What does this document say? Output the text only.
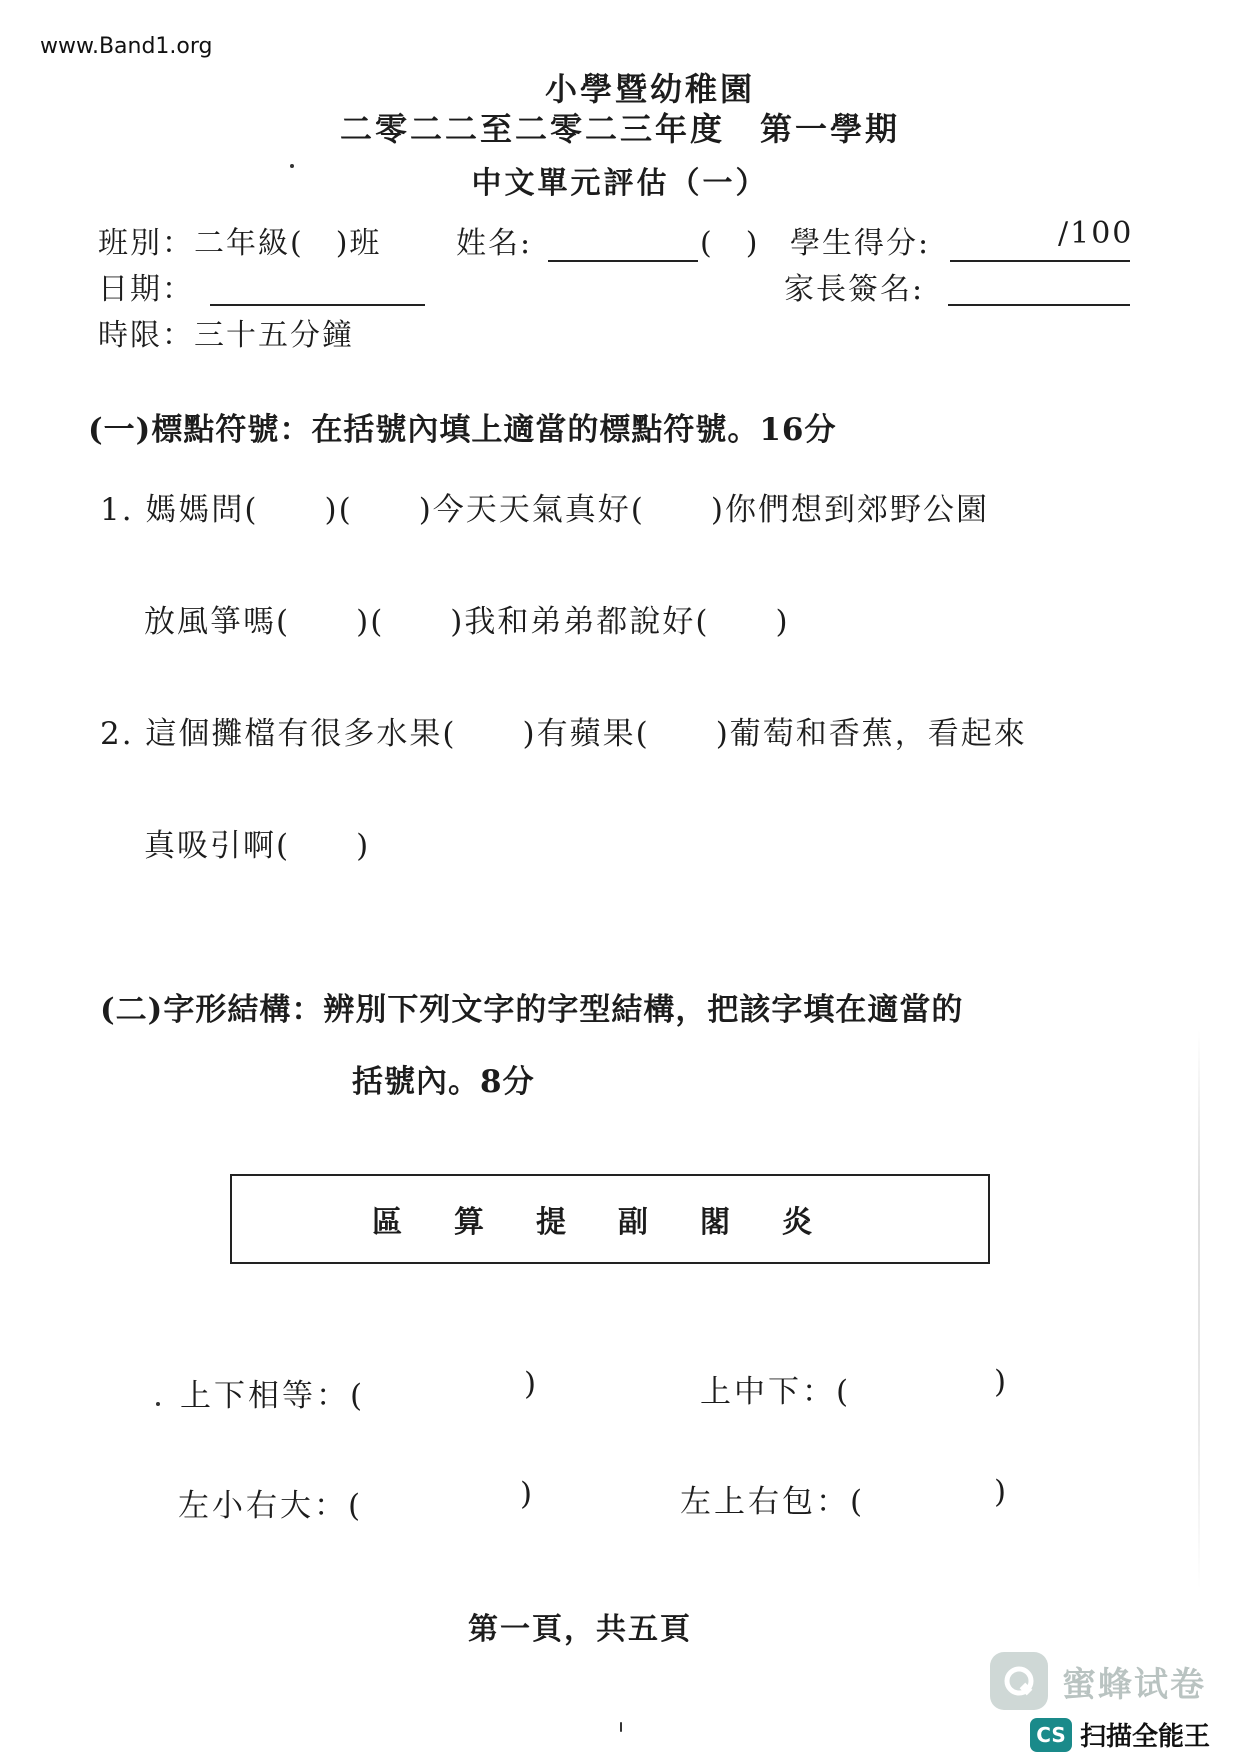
www.Band1.org
小學暨幼稚園
二零二二至二零二三年度　第一學期
中文單元評估（一）
班別：二年級(　)班 姓名:	(　) 學生得分:	/100
日期：	家長簽名:
時限：三十五分鐘
(一)標點符號：在括號內填上適當的標點符號。16分
1. 媽媽問(　　)(　　)今天天氣真好(　　)你們想到郊野公園
放風箏嗎(　　)(　　)我和弟弟都說好(　　)
2. 這個攤檔有很多水果(　　)有蘋果(　　)葡萄和香蕉，看起來
真吸引啊(　　)
(二)字形結構：辨別下列文字的字型結構，把該字填在適當的
括號內。8分
區 算 提 副 閣 炎
上下相等：(	)	上中下：(	)
左小右大：(	)	左上右包：(	)
第一頁，共五頁
蜜蜂试卷
CS 扫描全能王
